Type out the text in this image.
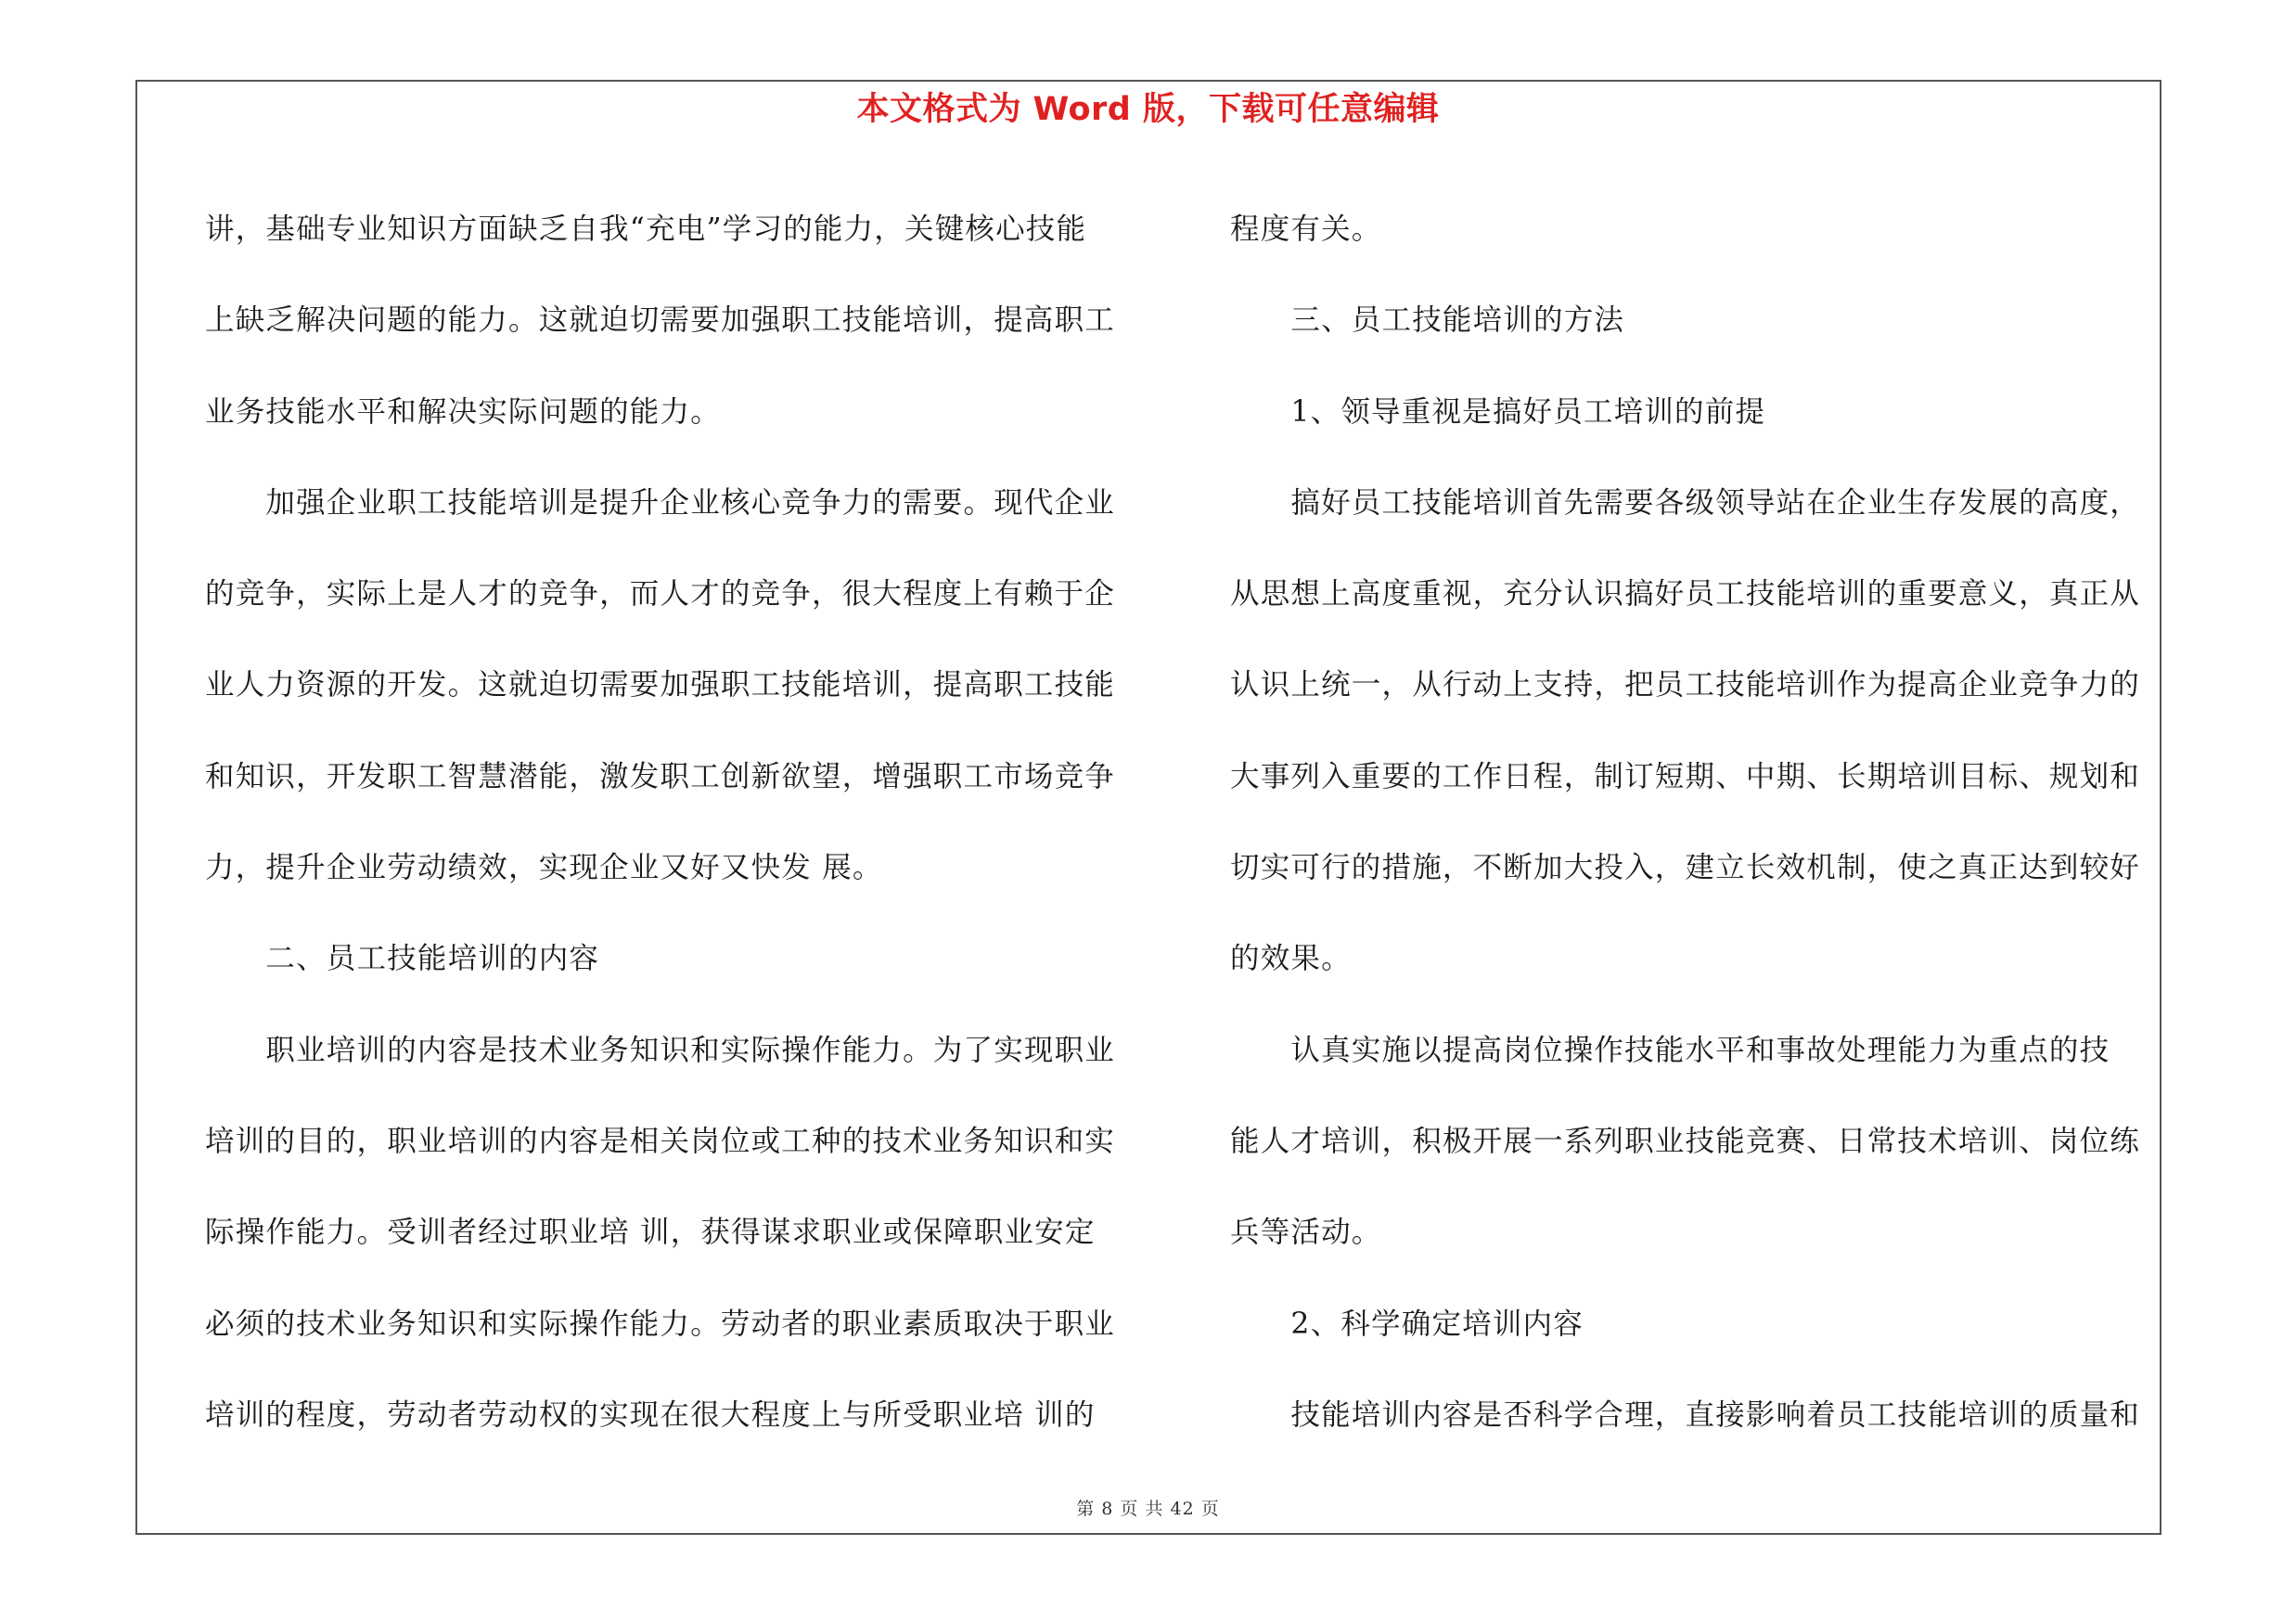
本文格式为 Word 版，下载可任意编辑
讲，基础专业知识方面缺乏自我“充电”学习的能力，关键核心技能
上缺乏解决问题的能力。这就迫切需要加强职工技能培训，提高职工
业务技能水平和解决实际问题的能力。
　　加强企业职工技能培训是提升企业核心竞争力的需要。现代企业
的竞争，实际上是人才的竞争，而人才的竞争，很大程度上有赖于企
业人力资源的开发。这就迫切需要加强职工技能培训，提高职工技能
和知识，开发职工智慧潜能，激发职工创新欲望，增强职工市场竞争
力，提升企业劳动绩效，实现企业又好又快发 展。
　　二、员工技能培训的内容
　　职业培训的内容是技术业务知识和实际操作能力。为了实现职业
培训的目的，职业培训的内容是相关岗位或工种的技术业务知识和实
际操作能力。受训者经过职业培 训，获得谋求职业或保障职业安定
必须的技术业务知识和实际操作能力。劳动者的职业素质取决于职业
培训的程度，劳动者劳动权的实现在很大程度上与所受职业培 训的
程度有关。
　　三、员工技能培训的方法
　　1、领导重视是搞好员工培训的前提
　　搞好员工技能培训首先需要各级领导站在企业生存发展的高度，
从思想上高度重视，充分认识搞好员工技能培训的重要意义，真正从
认识上统一，从行动上支持，把员工技能培训作为提高企业竞争力的
大事列入重要的工作日程，制订短期、中期、长期培训目标、规划和
切实可行的措施，不断加大投入，建立长效机制，使之真正达到较好
的效果。
　　认真实施以提高岗位操作技能水平和事故处理能力为重点的技
能人才培训，积极开展一系列职业技能竞赛、日常技术培训、岗位练
兵等活动。
　　2、科学确定培训内容
　　技能培训内容是否科学合理，直接影响着员工技能培训的质量和
第 8 页 共 42 页
